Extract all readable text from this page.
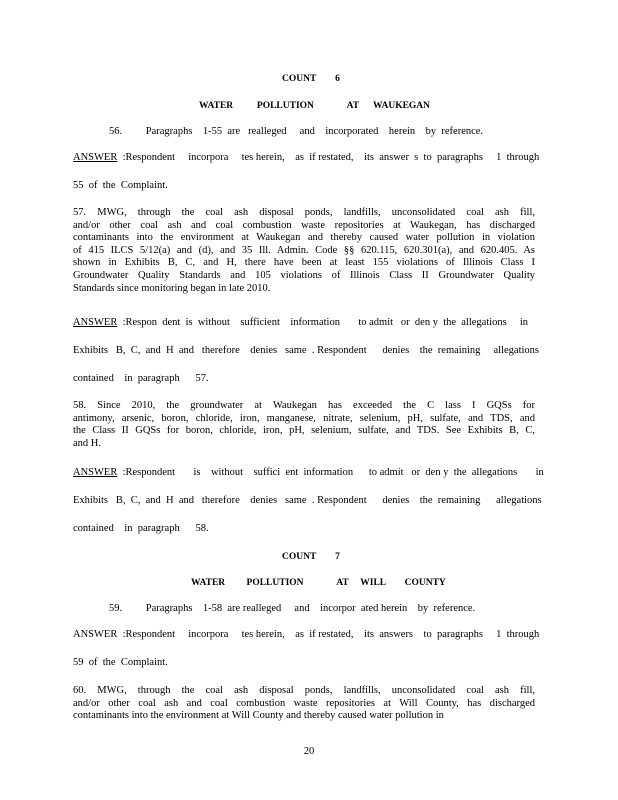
COUNT        6
WATER          POLLUTION              AT      WAUKEGAN
56.         Paragraphs    1-55  are   realleged     and    incorporated    herein    by  reference.
ANSWER  :Respondent     incorpora     tes herein,    as  if restated,    its  answer  s  to  paragraphs     1  through
55  of  the  Complaint.
57. MWG, through the coal ash disposal ponds, landfills, unconsolidated coal ash fill,
and/or other coal ash and coal combustion waste repositories at Waukegan, has discharged
contaminants into the environment at Waukegan and thereby caused water pollution in violation
of 415 ILCS 5/12(a) and (d), and 35 Ill. Admin. Code §§ 620.115, 620.301(a), and 620.405. As
shown in Exhibits B, C, and H, there have been at least 155 violations of Illinois Class I
Groundwater Quality Standards and 105 violations of Illinois Class II Groundwater Quality
Standards since monitoring began in late 2010.
ANSWER  :Respon  dent  is  without    sufficient    information       to admit   or  den y  the  allegations     in
Exhibits   B,  C,  and  H  and   therefore    denies   same  . Respondent      denies    the  remaining     allegations
contained    in  paragraph      57.
58. Since 2010, the groundwater at Waukegan has exceeded the C lass I GQSs for
antimony, arsenic, boron, chloride, iron, manganese, nitrate, selenium, pH, sulfate, and TDS, and
the Class II GQSs for boron, chloride, iron, pH, selenium, sulfate, and TDS. See Exhibits B, C,
and H.
ANSWER  :Respondent       is    without    suffici  ent  information      to admit   or  den y  the  allegations       in
Exhibits   B,  C,  and  H  and   therefore    denies   same  . Respondent      denies    the  remaining      allegations
contained    in  paragraph      58.
COUNT        7
WATER         POLLUTION              AT     WILL        COUNTY
59.         Paragraphs    1-58  are realleged     and    incorpor  ated herein    by  reference.
ANSWER  :Respondent     incorpora     tes herein,    as  if restated,    its  answers    to  paragraphs     1  through
59  of  the  Complaint.
60. MWG, through the coal ash disposal ponds, landfills, unconsolidated coal ash fill,
and/or other coal ash and coal combustion waste repositories at Will County, has discharged
contaminants into the environment at Will County and thereby caused water pollution in
20
